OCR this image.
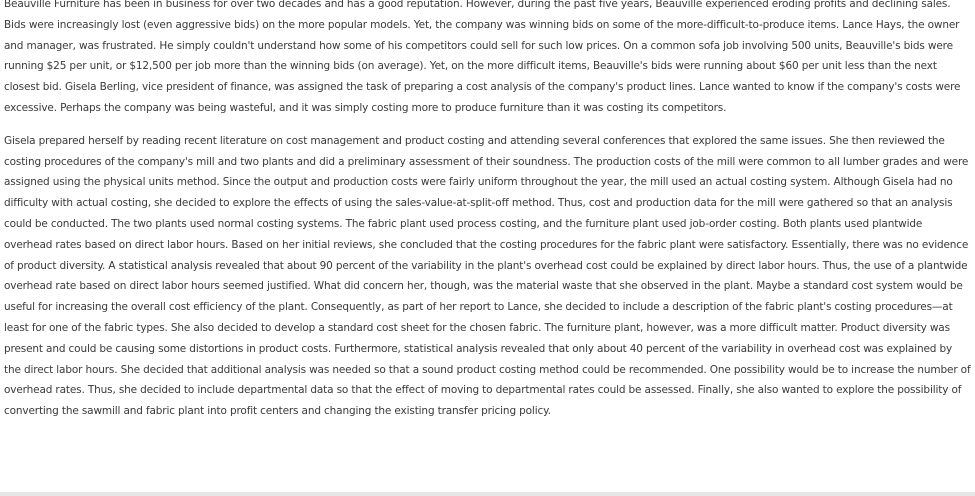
Beauville Furniture has been in business for over two decades and has a good reputation. However, during the past five years, Beauville experienced eroding profits and declining sales. Bids were increasingly lost (even aggressive bids) on the more popular models. Yet, the company was winning bids on some of the more-difficult-to-produce items. Lance Hays, the owner and manager, was frustrated. He simply couldn't understand how some of his competitors could sell for such low prices. On a common sofa job involving 500 units, Beauville's bids were running $25 per unit, or $12,500 per job more than the winning bids (on average). Yet, on the more difficult items, Beauville's bids were running about $60 per unit less than the next closest bid. Gisela Berling, vice president of finance, was assigned the task of preparing a cost analysis of the company's product lines. Lance wanted to know if the company's costs were excessive. Perhaps the company was being wasteful, and it was simply costing more to produce furniture than it was costing its competitors.

Gisela prepared herself by reading recent literature on cost management and product costing and attending several conferences that explored the same issues. She then reviewed the costing procedures of the company's mill and two plants and did a preliminary assessment of their soundness. The production costs of the mill were common to all lumber grades and were assigned using the physical units method. Since the output and production costs were fairly uniform throughout the year, the mill used an actual costing system. Although Gisela had no difficulty with actual costing, she decided to explore the effects of using the sales-value-at-split-off method. Thus, cost and production data for the mill were gathered so that an analysis could be conducted. The two plants used normal costing systems. The fabric plant used process costing, and the furniture plant used job-order costing. Both plants used plantwide overhead rates based on direct labor hours. Based on her initial reviews, she concluded that the costing procedures for the fabric plant were satisfactory. Essentially, there was no evidence of product diversity. A statistical analysis revealed that about 90 percent of the variability in the plant's overhead cost could be explained by direct labor hours. Thus, the use of a plantwide overhead rate based on direct labor hours seemed justified. What did concern her, though, was the material waste that she observed in the plant. Maybe a standard cost system would be useful for increasing the overall cost efficiency of the plant. Consequently, as part of her report to Lance, she decided to include a description of the fabric plant's costing procedures—at least for one of the fabric types. She also decided to develop a standard cost sheet for the chosen fabric. The furniture plant, however, was a more difficult matter. Product diversity was present and could be causing some distortions in product costs. Furthermore, statistical analysis revealed that only about 40 percent of the variability in overhead cost was explained by the direct labor hours. She decided that additional analysis was needed so that a sound product costing method could be recommended. One possibility would be to increase the number of overhead rates. Thus, she decided to include departmental data so that the effect of moving to departmental rates could be assessed. Finally, she also wanted to explore the possibility of converting the sawmill and fabric plant into profit centers and changing the existing transfer pricing policy.
